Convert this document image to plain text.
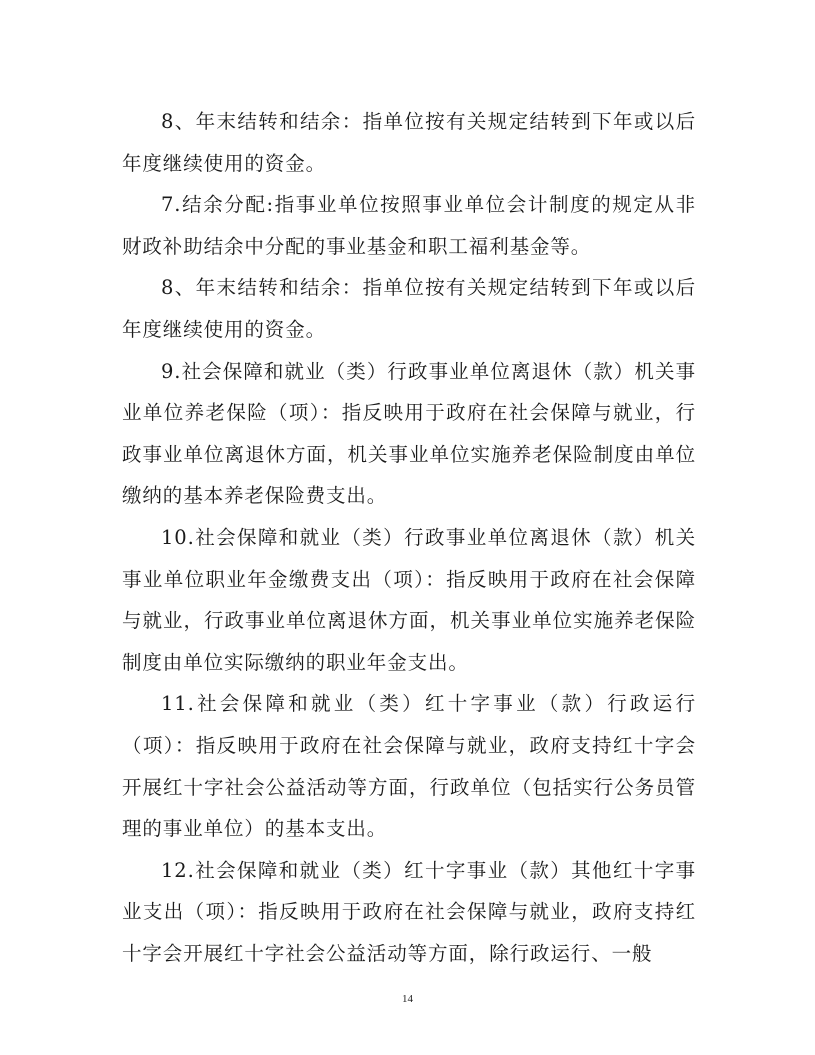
8、年末结转和结余：指单位按有关规定结转到下年或以后年度继续使用的资金。

7.结余分配:指事业单位按照事业单位会计制度的规定从非财政补助结余中分配的事业基金和职工福利基金等。

8、年末结转和结余：指单位按有关规定结转到下年或以后年度继续使用的资金。

9.社会保障和就业（类）行政事业单位离退休（款）机关事业单位养老保险（项）：指反映用于政府在社会保障与就业，行政事业单位离退休方面，机关事业单位实施养老保险制度由单位缴纳的基本养老保险费支出。

10.社会保障和就业（类）行政事业单位离退休（款）机关事业单位职业年金缴费支出（项）：指反映用于政府在社会保障与就业，行政事业单位离退休方面，机关事业单位实施养老保险制度由单位实际缴纳的职业年金支出。

11.社会保障和就业（类）红十字事业（款）行政运行（项）：指反映用于政府在社会保障与就业，政府支持红十字会开展红十字社会公益活动等方面，行政单位（包括实行公务员管理的事业单位）的基本支出。

12.社会保障和就业（类）红十字事业（款）其他红十字事业支出（项）：指反映用于政府在社会保障与就业，政府支持红十字会开展红十字社会公益活动等方面，除行政运行、一般

14
